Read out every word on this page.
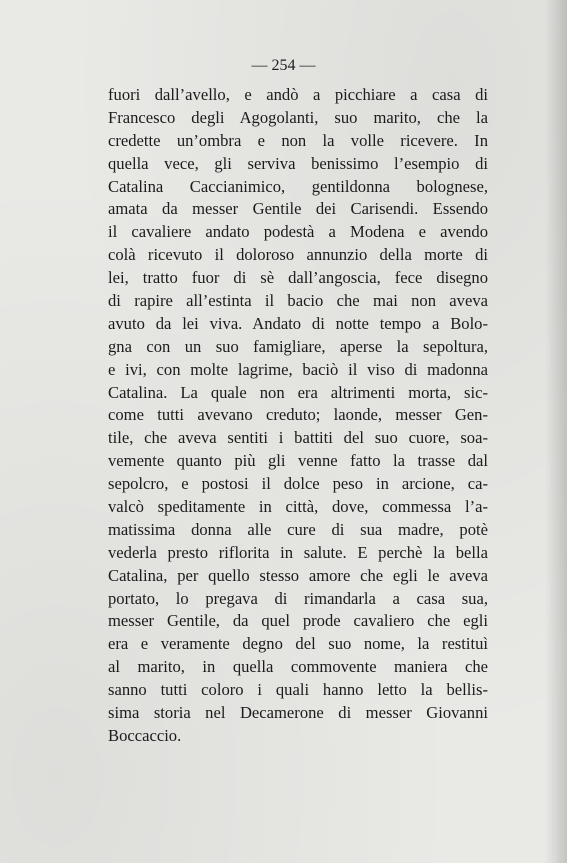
— 254 —

fuori dall’avello, e andò a picchiare a casa di
Francesco degli Agogolanti, suo marito, che la
credette un’ombra e non la volle ricevere. In
quella vece, gli serviva benissimo l’esempio di
Catalina Caccianimico, gentildonna bolognese,
amata da messer Gentile dei Carisendi. Essendo
il cavaliere andato podestà a Modena e avendo
colà ricevuto il doloroso annunzio della morte di
lei, tratto fuor di sè dall’angoscia, fece disegno
di rapire all’estinta il bacio che mai non aveva
avuto da lei viva. Andato di notte tempo a Bolo-
gna con un suo famigliare, aperse la sepoltura,
e ivi, con molte lagrime, baciò il viso di madonna
Catalina. La quale non era altrimenti morta, sic-
come tutti avevano creduto; laonde, messer Gen-
tile, che aveva sentiti i battiti del suo cuore, soa-
vemente quanto più gli venne fatto la trasse dal
sepolcro, e postosi il dolce peso in arcione, ca-
valcò speditamente in città, dove, commessa l’a-
matissima donna alle cure di sua madre, potè
vederla presto riflorita in salute. E perchè la bella
Catalina, per quello stesso amore che egli le aveva
portato, lo pregava di rimandarla a casa sua,
messer Gentile, da quel prode cavaliero che egli
era e veramente degno del suo nome, la restituì
al marito, in quella commovente maniera che
sanno tutti coloro i quali hanno letto la bellis-
sima storia nel Decamerone di messer Giovanni
Boccaccio.
